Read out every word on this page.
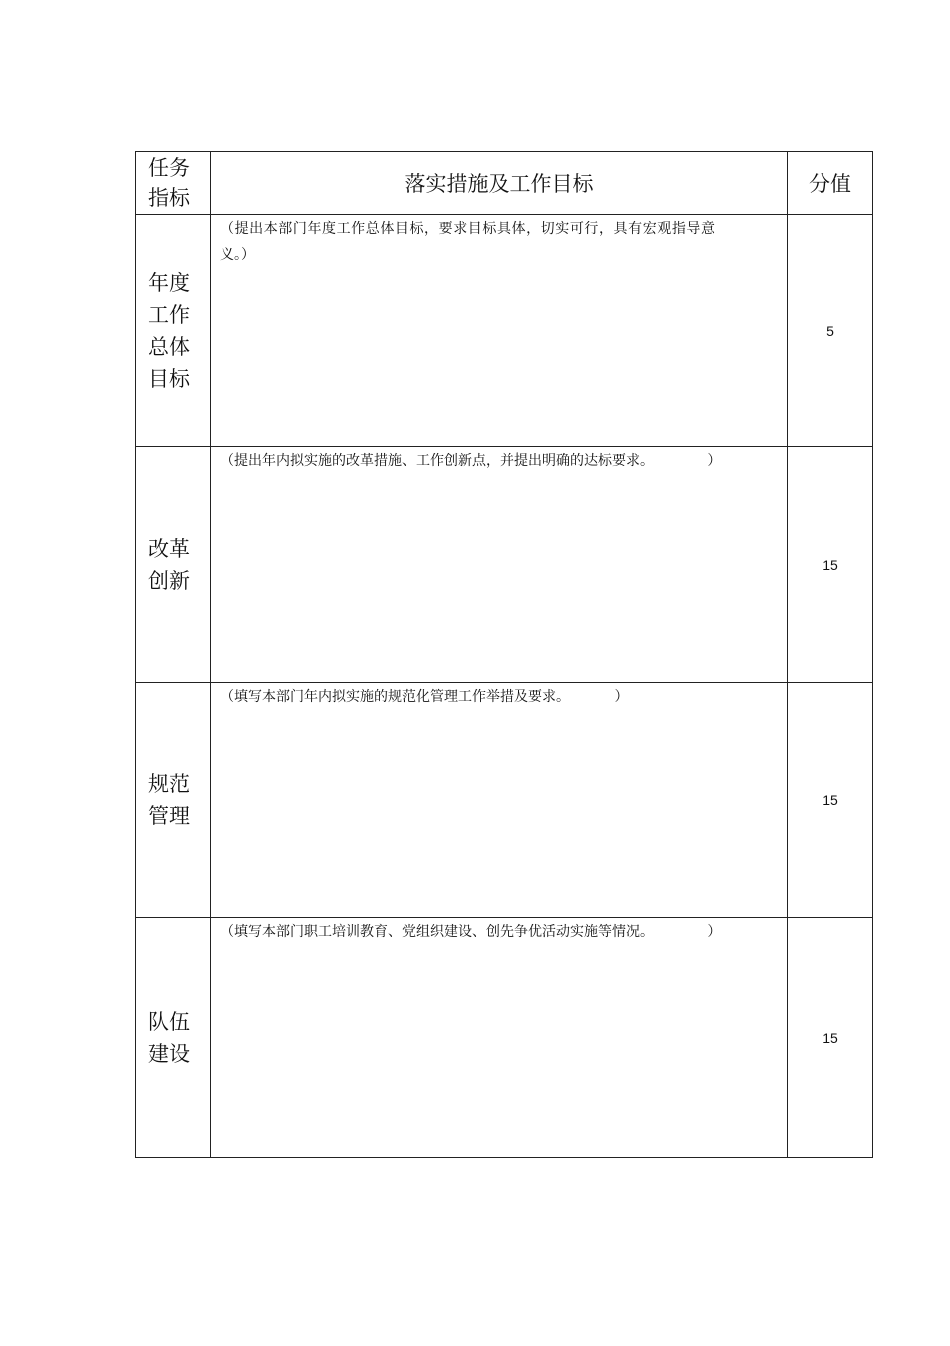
任务
指标	落实措施及工作目标	分值

年度
工作
总体
目标	（提出本部门年度工作总体目标，要求目标具体，切实可行，具有宏观指导意义。）	5

改革
创新	（提出年内拟实施的改革措施、工作创新点，并提出明确的达标要求。            ）	15

规范
管理	（填写本部门年内拟实施的规范化管理工作举措及要求。          ）	15

队伍
建设	（填写本部门职工培训教育、党组织建设、创先争优活动实施等情况。            ）	15
